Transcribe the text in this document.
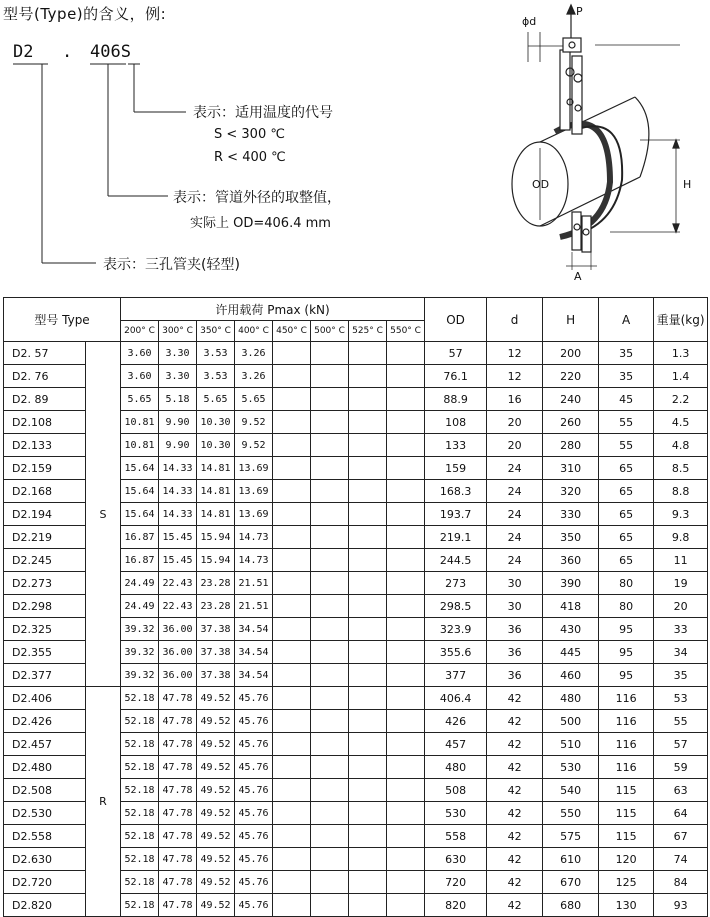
型号(Type)的含义，例:
D2 . 406S
表示：适用温度的代号
S < 300 ℃
R < 400 ℃
表示：管道外径的取整值，
实际上 OD=406.4 mm
表示：三孔管夹(轻型)
ϕd
P
OD	H
A
型号 Type		许用载荷 Pmax (kN)								OD	d	H	A	重量(kg)
		200° C	300° C	350° C	400° C	450° C	500° C	525° C	550° C					
D2. 57	S	3.60	3.30	3.53	3.26					57	12	200	35	1.3
D2. 76		3.60	3.30	3.53	3.26					76.1	12	220	35	1.4
D2. 89		5.65	5.18	5.65	5.65					88.9	16	240	45	2.2
D2.108		10.81	9.90	10.30	9.52					108	20	260	55	4.5
D2.133		10.81	9.90	10.30	9.52					133	20	280	55	4.8
D2.159		15.64	14.33	14.81	13.69					159	24	310	65	8.5
D2.168		15.64	14.33	14.81	13.69					168.3	24	320	65	8.8
D2.194		15.64	14.33	14.81	13.69					193.7	24	330	65	9.3
D2.219		16.87	15.45	15.94	14.73					219.1	24	350	65	9.8
D2.245		16.87	15.45	15.94	14.73					244.5	24	360	65	11
D2.273		24.49	22.43	23.28	21.51					273	30	390	80	19
D2.298		24.49	22.43	23.28	21.51					298.5	30	418	80	20
D2.325		39.32	36.00	37.38	34.54					323.9	36	430	95	33
D2.355		39.32	36.00	37.38	34.54					355.6	36	445	95	34
D2.377		39.32	36.00	37.38	34.54					377	36	460	95	35
D2.406	R	52.18	47.78	49.52	45.76					406.4	42	480	116	53
D2.426		52.18	47.78	49.52	45.76					426	42	500	116	55
D2.457		52.18	47.78	49.52	45.76					457	42	510	116	57
D2.480		52.18	47.78	49.52	45.76					480	42	530	116	59
D2.508		52.18	47.78	49.52	45.76					508	42	540	115	63
D2.530		52.18	47.78	49.52	45.76					530	42	550	115	64
D2.558		52.18	47.78	49.52	45.76					558	42	575	115	67
D2.630		52.18	47.78	49.52	45.76					630	42	610	120	74
D2.720		52.18	47.78	49.52	45.76					720	42	670	125	84
D2.820		52.18	47.78	49.52	45.76					820	42	680	130	93
